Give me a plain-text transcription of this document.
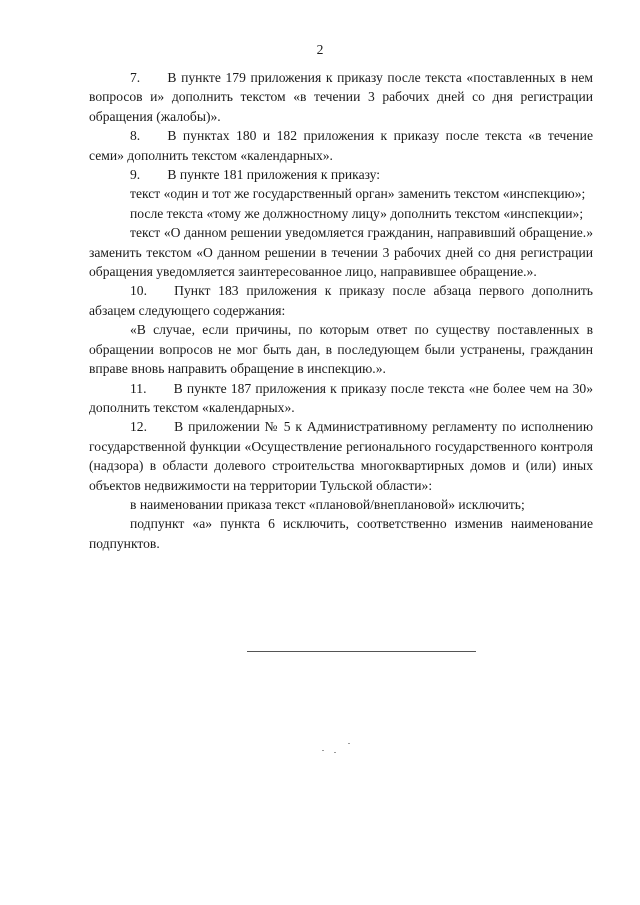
2

7.  В пункте 179 приложения к приказу после текста «поставленных в нем вопросов и» дополнить текстом «в течении 3 рабочих дней со дня регистрации обращения (жалобы)».

8.  В пунктах 180 и 182 приложения к приказу после текста «в течение семи» дополнить текстом «календарных».

9.  В пункте 181 приложения к приказу:

текст «один и тот же государственный орган» заменить текстом «инспекцию»;

после текста «тому же должностному лицу» дополнить текстом «инспекции»;

текст «О данном решении уведомляется гражданин, направивший обращение.» заменить текстом «О данном решении в течении 3 рабочих дней со дня регистрации обращения уведомляется заинтересованное лицо, направившее обращение.».

10.  Пункт 183 приложения к приказу после абзаца первого дополнить абзацем следующего содержания:

«В случае, если причины, по которым ответ по существу поставленных в обращении вопросов не мог быть дан, в последующем были устранены, гражданин вправе вновь направить обращение в инспекцию.».

11.  В пункте 187 приложения к приказу после текста «не более чем на 30» дополнить текстом «календарных».

12.  В приложении № 5 к Административному регламенту по исполнению государственной функции «Осуществление регионального государственного контроля (надзора) в области долевого строительства многоквартирных домов и (или) иных объектов недвижимости на территории Тульской области»:

в наименовании приказа текст «плановой/внеплановой» исключить;

подпункт «а» пункта 6 исключить, соответственно изменив наименование подпунктов.
